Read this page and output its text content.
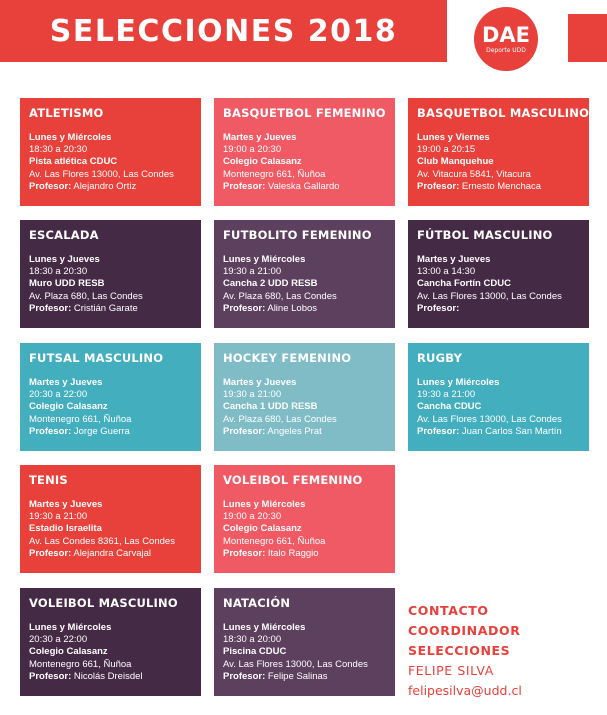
SELECCIONES 2018	DAE
Deporte UDD
ATLETISMO
Lunes y Miércoles
18:30 a 20:30
Pista atlética CDUC
Av. Las Flores 13000, Las Condes
Profesor: Alejandro Ortiz
BASQUETBOL FEMENINO
Martes y Jueves
19:00 a 20:30
Colegio Calasanz
Montenegro 661, Ñuñoa
Profesor: Valeska Gallardo
BASQUETBOL MASCULINO
Lunes y Viernes
19:00 a 20:15
Club Manquehue
Av. Vitacura 5841, Vitacura
Profesor: Ernesto Menchaca
ESCALADA
Lunes y Jueves
18:30 a 20:30
Muro UDD RESB
Av. Plaza 680, Las Condes
Profesor: Cristián Garate
FUTBOLITO FEMENINO
Lunes y Miércoles
19:30 a 21:00
Cancha 2 UDD RESB
Av. Plaza 680, Las Condes
Profesor: Aline Lobos
FÚTBOL MASCULINO
Martes y Jueves
13:00 a 14:30
Cancha Fortín CDUC
Av. Las Flores 13000, Las Condes
Profesor:
FUTSAL MASCULINO
Martes y Jueves
20:30 a 22:00
Colegio Calasanz
Montenegro 661, Ñuñoa
Profesor: Jorge Guerra
HOCKEY FEMENINO
Martes y Jueves
19:30 a 21:00
Cancha 1 UDD RESB
Av. Plaza 680, Las Condes
Profesor: Angeles Prat
RUGBY
Lunes y Miércoles
19:30 a 21:00
Cancha CDUC
Av. Las Flores 13000, Las Condes
Profesor: Juan Carlos San Martín
TENIS
Martes y Jueves
19:30 a 21:00
Estadio Israelita
Av. Las Condes 8361, Las Condes
Profesor: Alejandra Carvajal
VOLEIBOL FEMENINO
Lunes y Miércoles
19:00 a 20:30
Colegio Calasanz
Montenegro 661, Ñuñoa
Profesor: Italo Raggio
VOLEIBOL MASCULINO
Lunes y Miércoles
20:30 a 22:00
Colegio Calasanz
Montenegro 661, Ñuñoa
Profesor: Nicolás Dreisdel
NATACIÓN
Lunes y Miércoles
18:30 a 20:00
Piscina CDUC
Av. Las Flores 13000, Las Condes
Profesor: Felipe Salinas
CONTACTO
COORDINADOR
SELECCIONES
FELIPE SILVA
felipesilva@udd.cl
